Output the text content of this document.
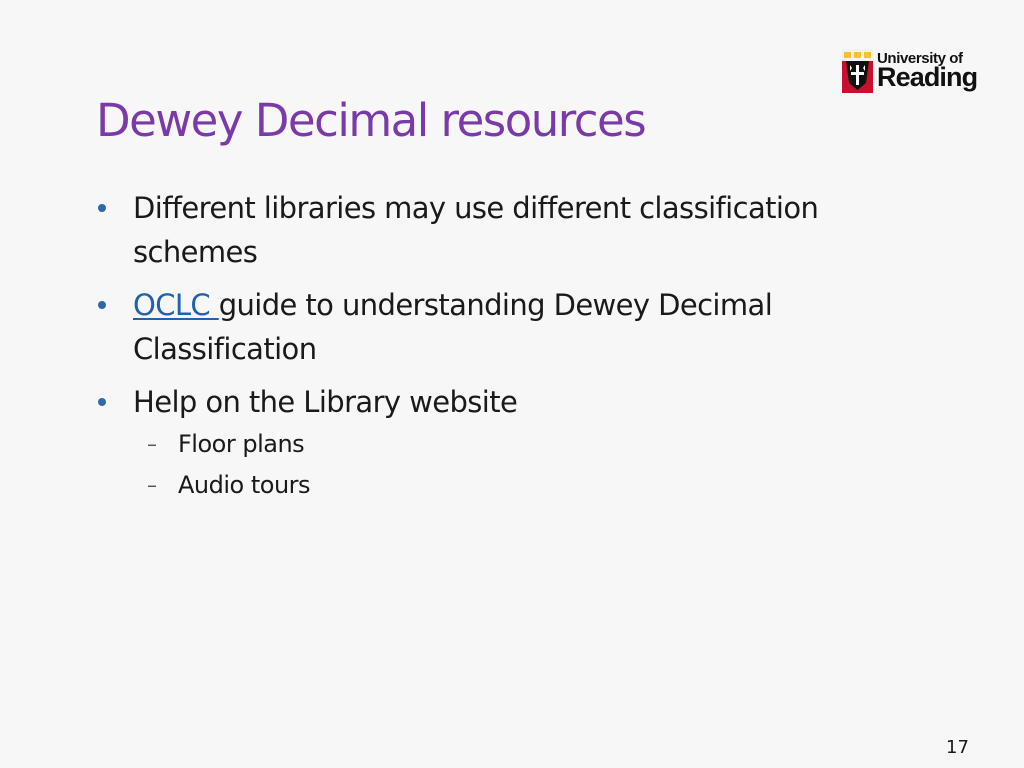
University of
Reading
Dewey Decimal resources
Different libraries may use different classification schemes
OCLC guide to understanding Dewey Decimal Classification
Help on the Library website
– Floor plans
– Audio tours
17
